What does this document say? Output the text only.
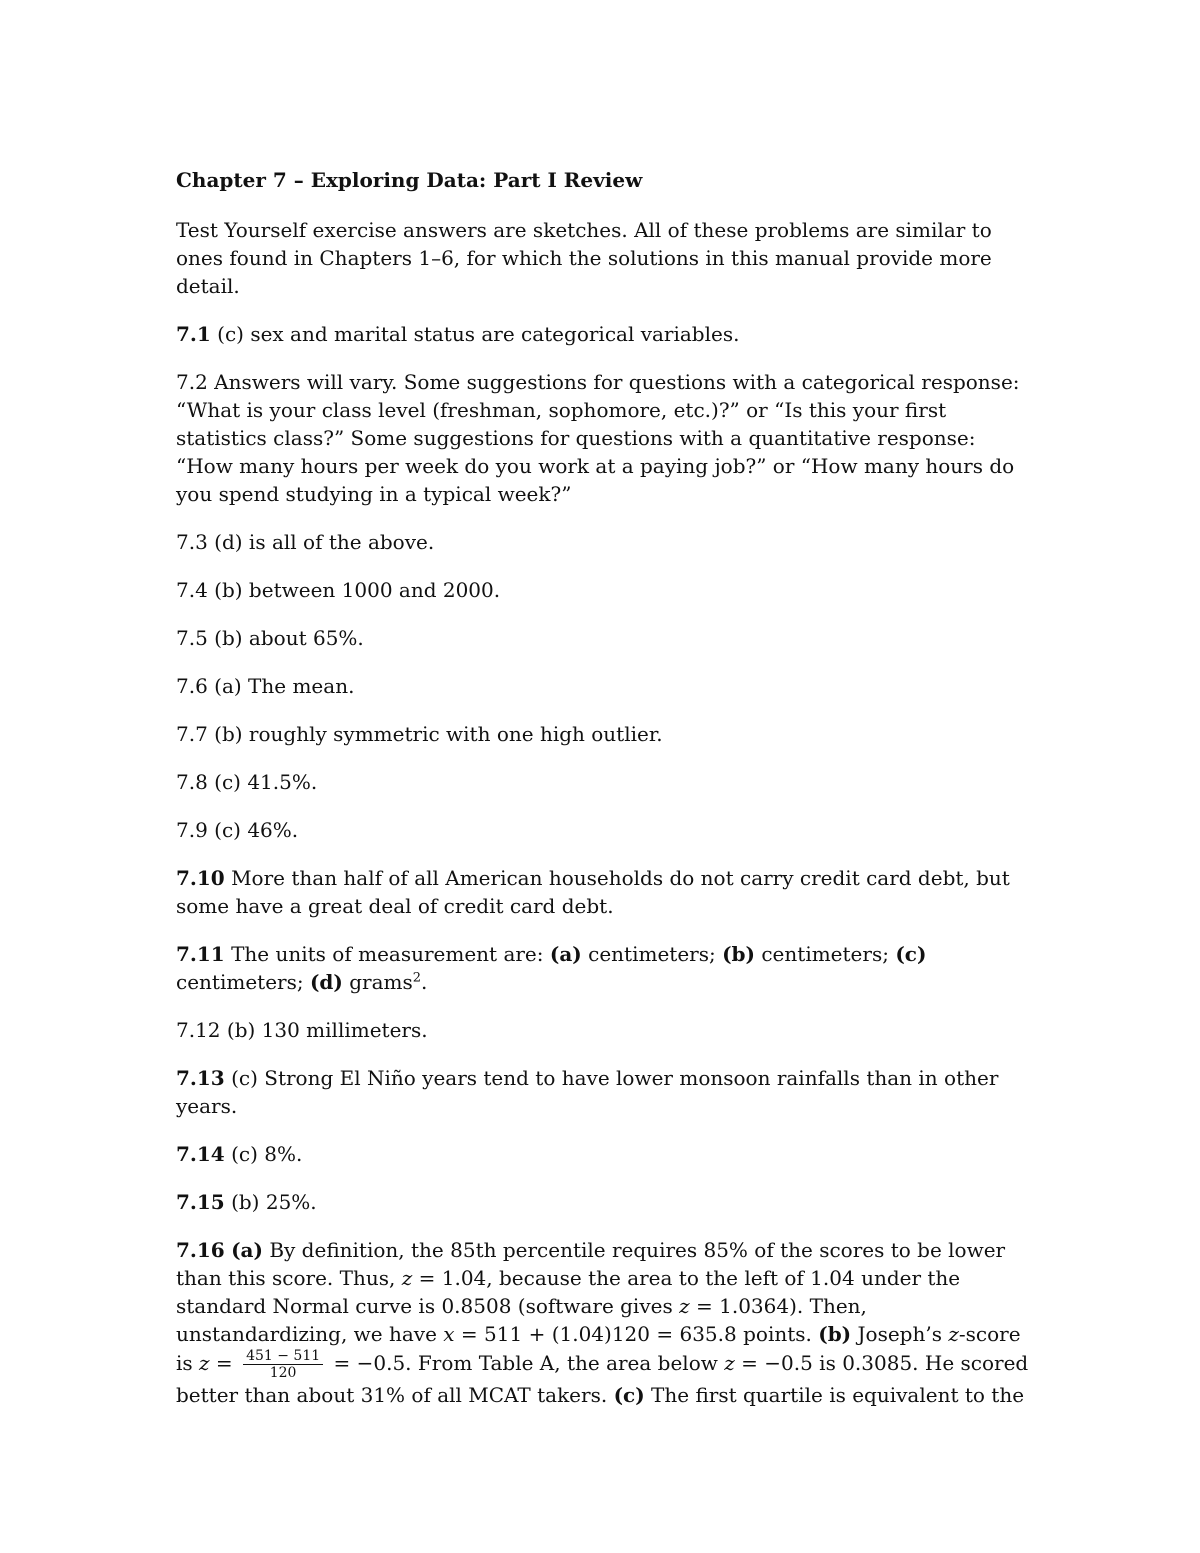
Chapter 7 – Exploring Data: Part I Review
Test Yourself exercise answers are sketches. All of these problems are similar to ones found in Chapters 1–6, for which the solutions in this manual provide more detail.
7.1 (c) sex and marital status are categorical variables.
7.2 Answers will vary. Some suggestions for questions with a categorical response: “What is your class level (freshman, sophomore, etc.)?” or “Is this your first statistics class?” Some suggestions for questions with a quantitative response: “How many hours per week do you work at a paying job?” or “How many hours do you spend studying in a typical week?”
7.3 (d) is all of the above.
7.4 (b) between 1000 and 2000.
7.5 (b) about 65%.
7.6 (a) The mean.
7.7 (b) roughly symmetric with one high outlier.
7.8 (c) 41.5%.
7.9 (c) 46%.
7.10 More than half of all American households do not carry credit card debt, but some have a great deal of credit card debt.
7.11 The units of measurement are: (a) centimeters; (b) centimeters; (c) centimeters; (d) grams$^2$.
7.12 (b) 130 millimeters.
7.13 (c) Strong El Niño years tend to have lower monsoon rainfalls than in other years.
7.14 (c) 8%.
7.15 (b) 25%.
7.16 (a) By definition, the 85th percentile requires 85% of the scores to be lower than this score. Thus, z = 1.04, because the area to the left of 1.04 under the standard Normal curve is 0.8508 (software gives z = 1.0364). Then, unstandardizing, we have x = 511 + (1.04)120 = 635.8 points. (b) Joseph’s z-score is $z = \frac{451 - 511}{120} = -0.5$. From Table A, the area below z = −0.5 is 0.3085. He scored better than about 31% of all MCAT takers. (c) The first quartile is equivalent to the
